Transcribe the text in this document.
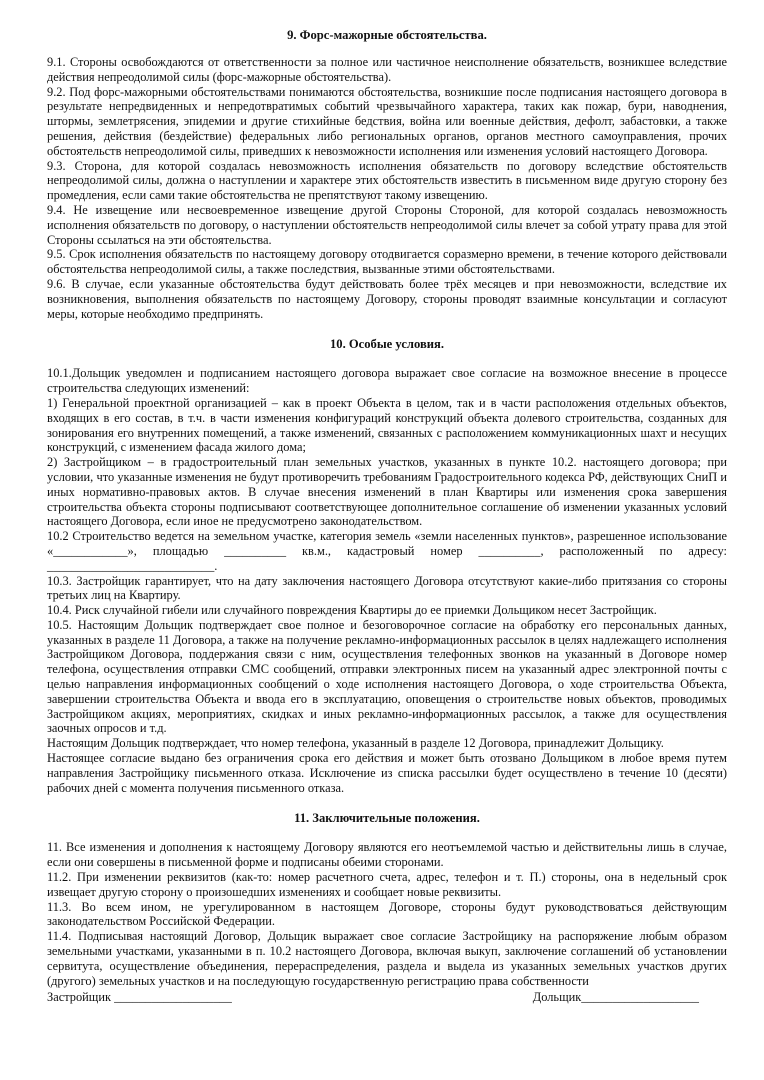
9. Форс-мажорные обстоятельства.

9.1. Стороны освобождаются от ответственности за полное или частичное неисполнение обязательств, возникшее вследствие действия непреодолимой силы (форс-мажорные обстоятельства).

9.2. Под форс-мажорными обстоятельствами понимаются обстоятельства, возникшие после подписания настоящего договора в результате непредвиденных и непредотвратимых событий чрезвычайного характера, таких как пожар, бури, наводнения, штормы, землетрясения, эпидемии и другие стихийные бедствия, война или военные действия, дефолт, забастовки, а также решения, действия (бездействие) федеральных либо региональных органов, органов местного самоуправления, прочих обстоятельств непреодолимой силы, приведших к невозможности исполнения или изменения условий настоящего Договора.

9.3. Сторона, для которой создалась невозможность исполнения обязательств по договору вследствие обстоятельств непреодолимой силы, должна о наступлении и характере этих обстоятельств известить в письменном виде другую сторону без промедления, если сами такие обстоятельства не препятствуют такому извещению.

9.4. Не извещение или несвоевременное извещение другой Стороны Стороной, для которой создалась невозможность исполнения обязательств по договору, о наступлении обстоятельств непреодолимой силы влечет за собой утрату права для этой Стороны ссылаться на эти обстоятельства.

9.5. Срок исполнения обязательств по настоящему договору отодвигается соразмерно времени, в течение которого действовали обстоятельства непреодолимой силы, а также последствия, вызванные этими обстоятельствами.

9.6. В случае, если указанные обстоятельства будут действовать более трёх месяцев и при невозможности, вследствие их возникновения, выполнения обязательств по настоящему Договору, стороны проводят взаимные консультации и согласуют меры, которые необходимо предпринять.

10. Особые условия.

10.1.Дольщик уведомлен и подписанием настоящего договора выражает свое согласие на возможное внесение в процессе строительства следующих изменений:

1) Генеральной проектной организацией – как в проект Объекта в целом, так и в части расположения отдельных объектов, входящих в его состав, в т.ч. в части изменения конфигураций конструкций объекта долевого строительства, созданных для зонирования его внутренних помещений, а также изменений, связанных с расположением коммуникационных шахт и несущих конструкций, с изменением фасада жилого дома;

2) Застройщиком – в градостроительный план земельных участков, указанных в пункте 10.2. настоящего договора; при условии, что указанные изменения не будут противоречить требованиям Градостроительного кодекса РФ, действующих СниП и иных нормативно-правовых актов. В случае внесения изменений в план Квартиры или изменения срока завершения строительства объекта стороны подписывают соответствующее дополнительное соглашение об изменении указанных условий настоящего Договора, если иное не предусмотрено законодательством.

10.2 Строительство ведется на земельном участке, категория земель «земли населенных пунктов», разрешенное использование «____________», площадью __________ кв.м., кадастровый номер __________, расположенный по адресу: ___________________________.

10.3. Застройщик гарантирует, что на дату заключения настоящего Договора отсутствуют какие-либо притязания со стороны третьих лиц на Квартиру.

10.4. Риск случайной гибели или случайного повреждения Квартиры до ее приемки Дольщиком несет Застройщик.

10.5. Настоящим Дольщик подтверждает свое полное и безоговорочное согласие на обработку его персональных данных, указанных в разделе 11 Договора, а также на получение рекламно-информационных рассылок в целях надлежащего исполнения Застройщиком Договора, поддержания связи с ним, осуществления телефонных звонков на указанный в Договоре номер телефона, осуществления отправки СМС сообщений, отправки электронных писем на указанный адрес электронной почты с целью направления информационных сообщений о ходе исполнения настоящего Договора, о ходе строительства Объекта, завершении строительства Объекта и ввода его в эксплуатацию, оповещения о строительстве новых объектов, проводимых Застройщиком акциях, мероприятиях, скидках и иных рекламно-информационных рассылок, а также для осуществления заочных опросов и т.д.

Настоящим Дольщик подтверждает, что номер телефона, указанный в разделе 12 Договора, принадлежит Дольщику.

Настоящее согласие выдано без ограничения срока его действия и может быть отозвано Дольщиком в любое время путем направления Застройщику письменного отказа. Исключение из списка рассылки будет осуществлено в течение 10 (десяти) рабочих дней с момента получения письменного отказа.

11. Заключительные положения.

11. Все изменения и дополнения к настоящему Договору являются его неотъемлемой частью и действительны лишь в случае, если они совершены в письменной форме и подписаны обеими сторонами.

11.2. При изменении реквизитов (как-то: номер расчетного счета, адрес, телефон и т. П.) стороны, она в недельный срок извещает другую сторону о произошедших изменениях и сообщает новые реквизиты.

11.3. Во всем ином, не урегулированном в настоящем Договоре, стороны будут руководствоваться действующим законодательством Российской Федерации.

11.4. Подписывая настоящий Договор, Дольщик выражает свое согласие Застройщику на распоряжение любым образом земельными участками, указанными в п. 10.2 настоящего Договора, включая выкуп, заключение соглашений об установлении сервитута, осуществление объединения, перераспределения, раздела и выдела из указанных земельных участков других (другого) земельных участков и на последующую государственную регистрацию права собственности

Застройщик ___________________	Дольщик___________________
